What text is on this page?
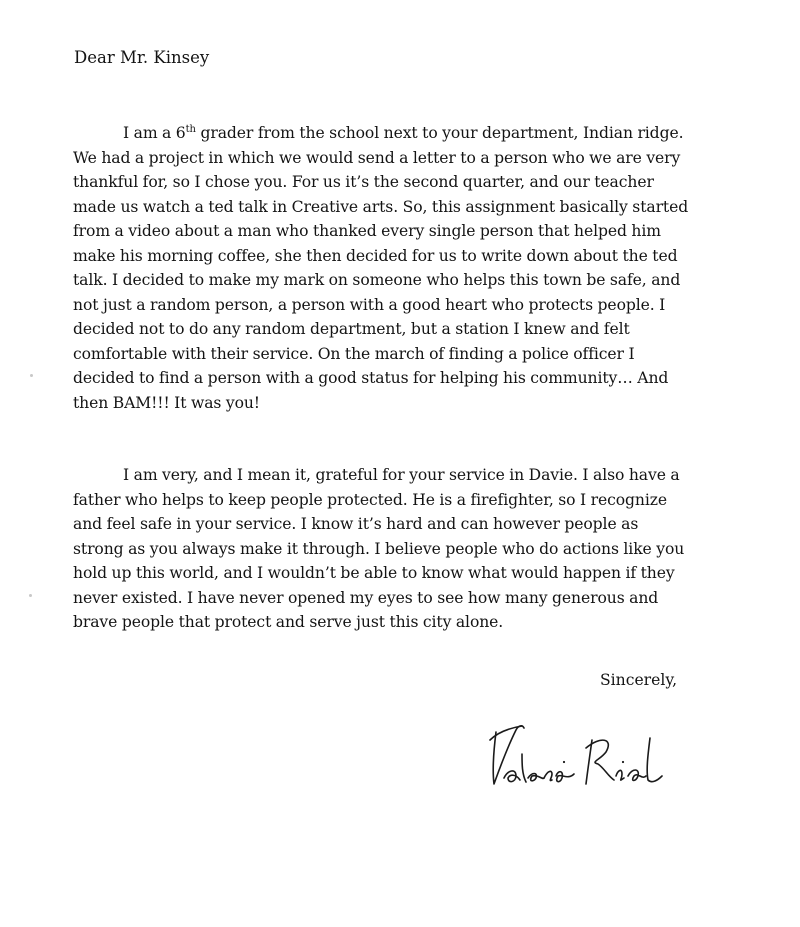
Dear Mr. Kinsey

I am a 6th grader from the school next to your department, Indian ridge.
We had a project in which we would send a letter to a person who we are very
thankful for, so I chose you. For us it’s the second quarter, and our teacher
made us watch a ted talk in Creative arts. So, this assignment basically started
from a video about a man who thanked every single person that helped him
make his morning coffee, she then decided for us to write down about the ted
talk. I decided to make my mark on someone who helps this town be safe, and
not just a random person, a person with a good heart who protects people. I
decided not to do any random department, but a station I knew and felt
comfortable with their service. On the march of finding a police officer I
decided to find a person with a good status for helping his community… And
then BAM!!! It was you!
I am very, and I mean it, grateful for your service in Davie. I also have a
father who helps to keep people protected. He is a firefighter, so I recognize
and feel safe in your service. I know it’s hard and can however people as
strong as you always make it through. I believe people who do actions like you
hold up this world, and I wouldn’t be able to know what would happen if they
never existed. I have never opened my eyes to see how many generous and
brave people that protect and serve just this city alone.

Sincerely,
